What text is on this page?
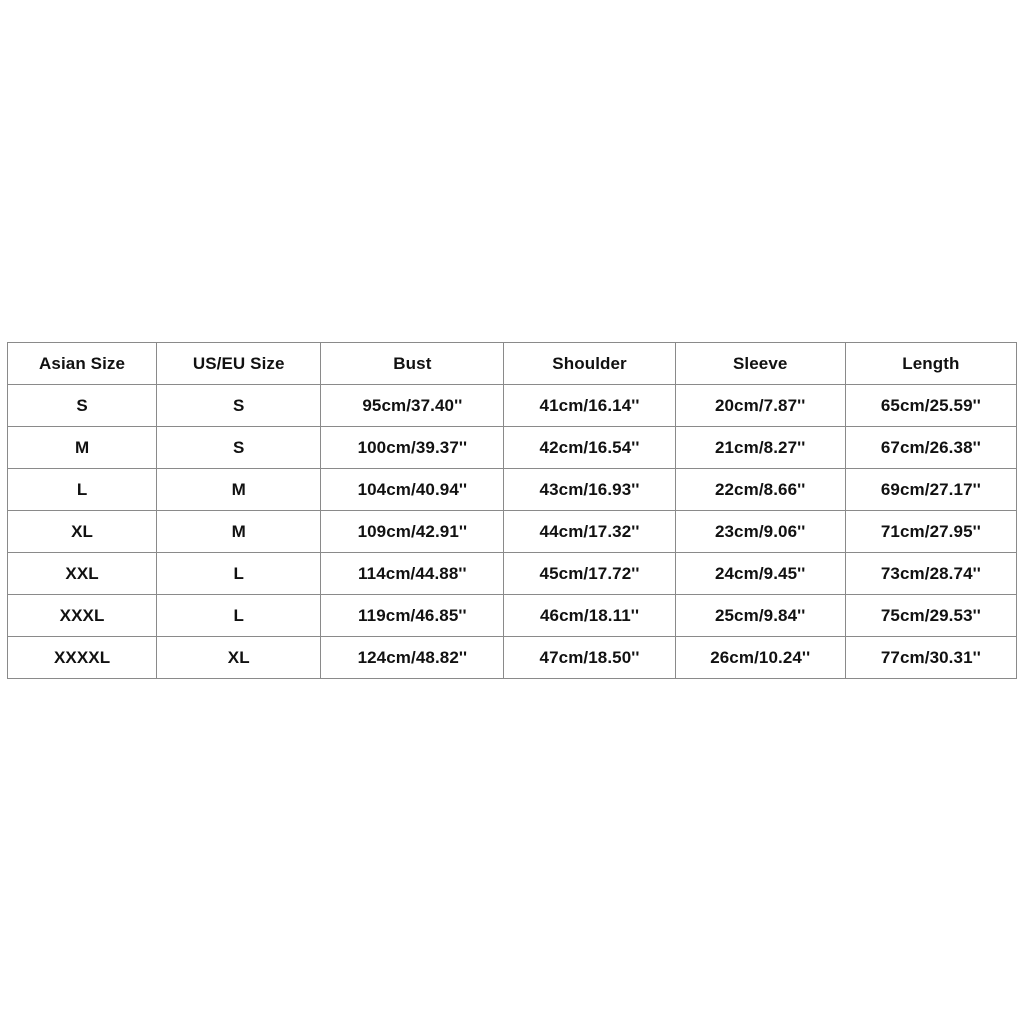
Asian Size	US/EU Size	Bust	Shoulder	Sleeve	Length
S	S	95cm/37.40''	41cm/16.14''	20cm/7.87''	65cm/25.59''
M	S	100cm/39.37''	42cm/16.54''	21cm/8.27''	67cm/26.38''
L	M	104cm/40.94''	43cm/16.93''	22cm/8.66''	69cm/27.17''
XL	M	109cm/42.91''	44cm/17.32''	23cm/9.06''	71cm/27.95''
XXL	L	114cm/44.88''	45cm/17.72''	24cm/9.45''	73cm/28.74''
XXXL	L	119cm/46.85''	46cm/18.11''	25cm/9.84''	75cm/29.53''
XXXXL	XL	124cm/48.82''	47cm/18.50''	26cm/10.24''	77cm/30.31''
